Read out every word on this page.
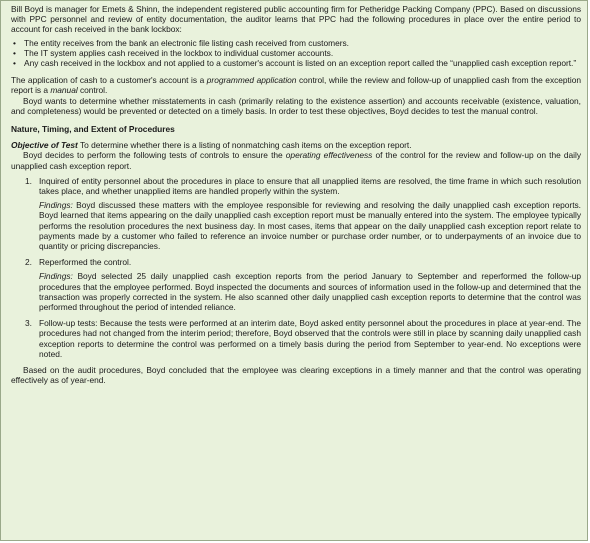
Bill Boyd is manager for Emets & Shinn, the independent registered public accounting firm for Petheridge Packing Company (PPC). Based on discussions with PPC personnel and review of entity documentation, the auditor learns that PPC had the following procedures in place over the entire period to account for cash received in the bank lockbox:

• The entity receives from the bank an electronic file listing cash received from customers.
• The IT system applies cash received in the lockbox to individual customer accounts.
• Any cash received in the lockbox and not applied to a customer's account is listed on an exception report called the “unapplied cash exception report.”

The application of cash to a customer's account is a programmed application control, while the review and follow-up of unapplied cash from the exception report is a manual control.

Boyd wants to determine whether misstatements in cash (primarily relating to the existence assertion) and accounts receivable (existence, valuation, and completeness) would be prevented or detected on a timely basis. In order to test these objectives, Boyd decides to test the manual control.

Nature, Timing, and Extent of Procedures

Objective of Test To determine whether there is a listing of nonmatching cash items on the exception report.

Boyd decides to perform the following tests of controls to ensure the operating effectiveness of the control for the review and follow-up on the daily unapplied cash exception report.

1. Inquired of entity personnel about the procedures in place to ensure that all unapplied items are resolved, the time frame in which such resolution takes place, and whether unapplied items are handled properly within the system.

Findings: Boyd discussed these matters with the employee responsible for reviewing and resolving the daily unapplied cash exception reports. Boyd learned that items appearing on the daily unapplied cash exception report must be manually entered into the system. The employee typically performs the resolution procedures the next business day. In most cases, items that appear on the daily unapplied cash exception report relate to payments made by a customer who failed to reference an invoice number or purchase order number, or to underpayments of an invoice due to quantity or pricing discrepancies.

2. Reperformed the control.

Findings: Boyd selected 25 daily unapplied cash exception reports from the period January to September and reperformed the follow-up procedures that the employee performed. Boyd inspected the documents and sources of information used in the follow-up and determined that the transaction was properly corrected in the system. He also scanned other daily unapplied cash exception reports to determine that the control was performed throughout the period of intended reliance.

3. Follow-up tests: Because the tests were performed at an interim date, Boyd asked entity personnel about the procedures in place at year-end. The procedures had not changed from the interim period; therefore, Boyd observed that the controls were still in place by scanning daily unapplied cash exception reports to determine the control was performed on a timely basis during the period from September to year-end. No exceptions were noted.

Based on the audit procedures, Boyd concluded that the employee was clearing exceptions in a timely manner and that the control was operating effectively as of year-end.
